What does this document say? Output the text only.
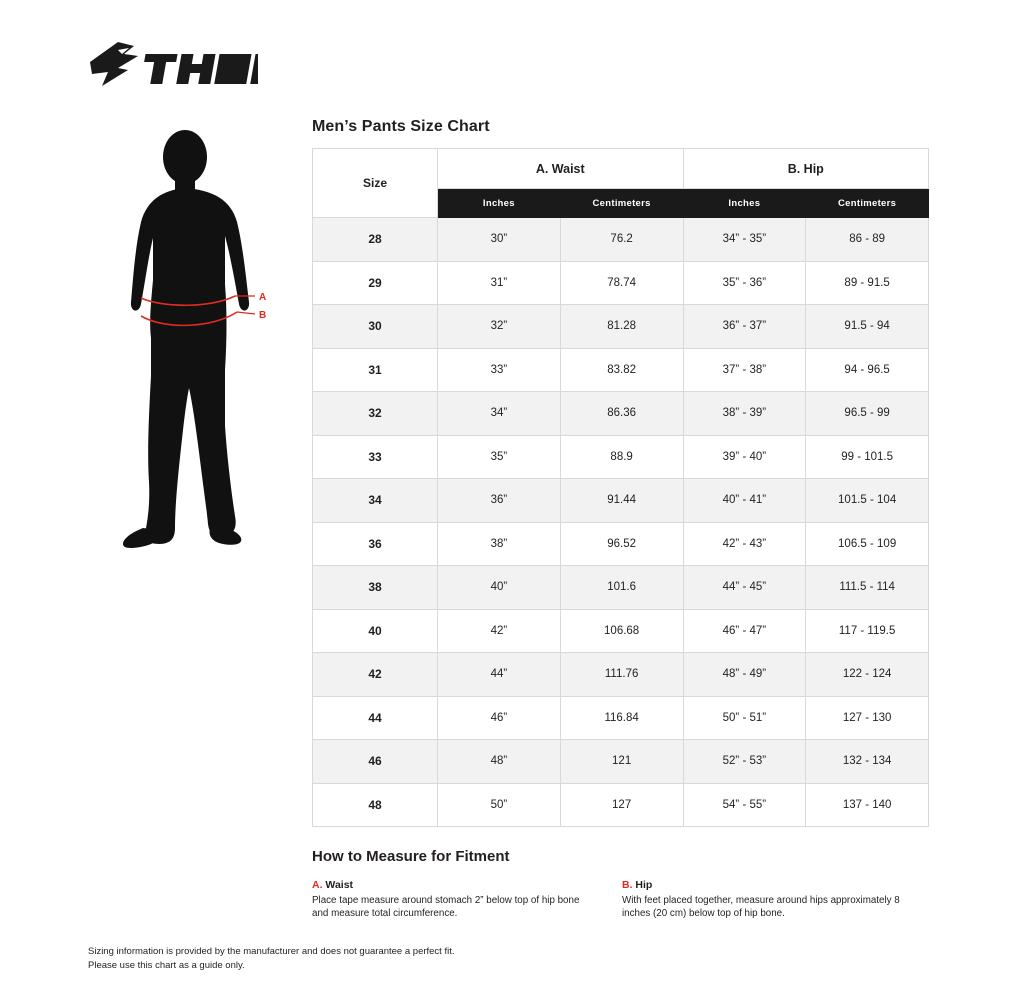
A
B
Men’s Pants Size Chart
Size	A. Waist		B. Hip	
	Inches	Centimeters	Inches	Centimeters
28	30”	76.2	34” - 35”	86 - 89
29	31”	78.74	35” - 36”	89 - 91.5
30	32”	81.28	36” - 37”	91.5 - 94
31	33”	83.82	37” - 38”	94 - 96.5
32	34”	86.36	38” - 39”	96.5 - 99
33	35”	88.9	39” - 40”	99 - 101.5
34	36”	91.44	40” - 41”	101.5 - 104
36	38”	96.52	42” - 43”	106.5 - 109
38	40”	101.6	44” - 45”	111.5 - 114
40	42”	106.68	46” - 47”	117 - 119.5
42	44”	111.76	48” - 49”	122 - 124
44	46”	116.84	50” - 51”	127 - 130
46	48”	121	52” - 53”	132 - 134
48	50”	127	54” - 55”	137 - 140
How to Measure for Fitment
A. Waist
Place tape measure around stomach 2” below top of hip bone and measure total circumference.
B. Hip
With feet placed together, measure around hips approximately 8 inches (20 cm) below top of hip bone.
Sizing information is provided by the manufacturer and does not guarantee a perfect fit.
Please use this chart as a guide only.
